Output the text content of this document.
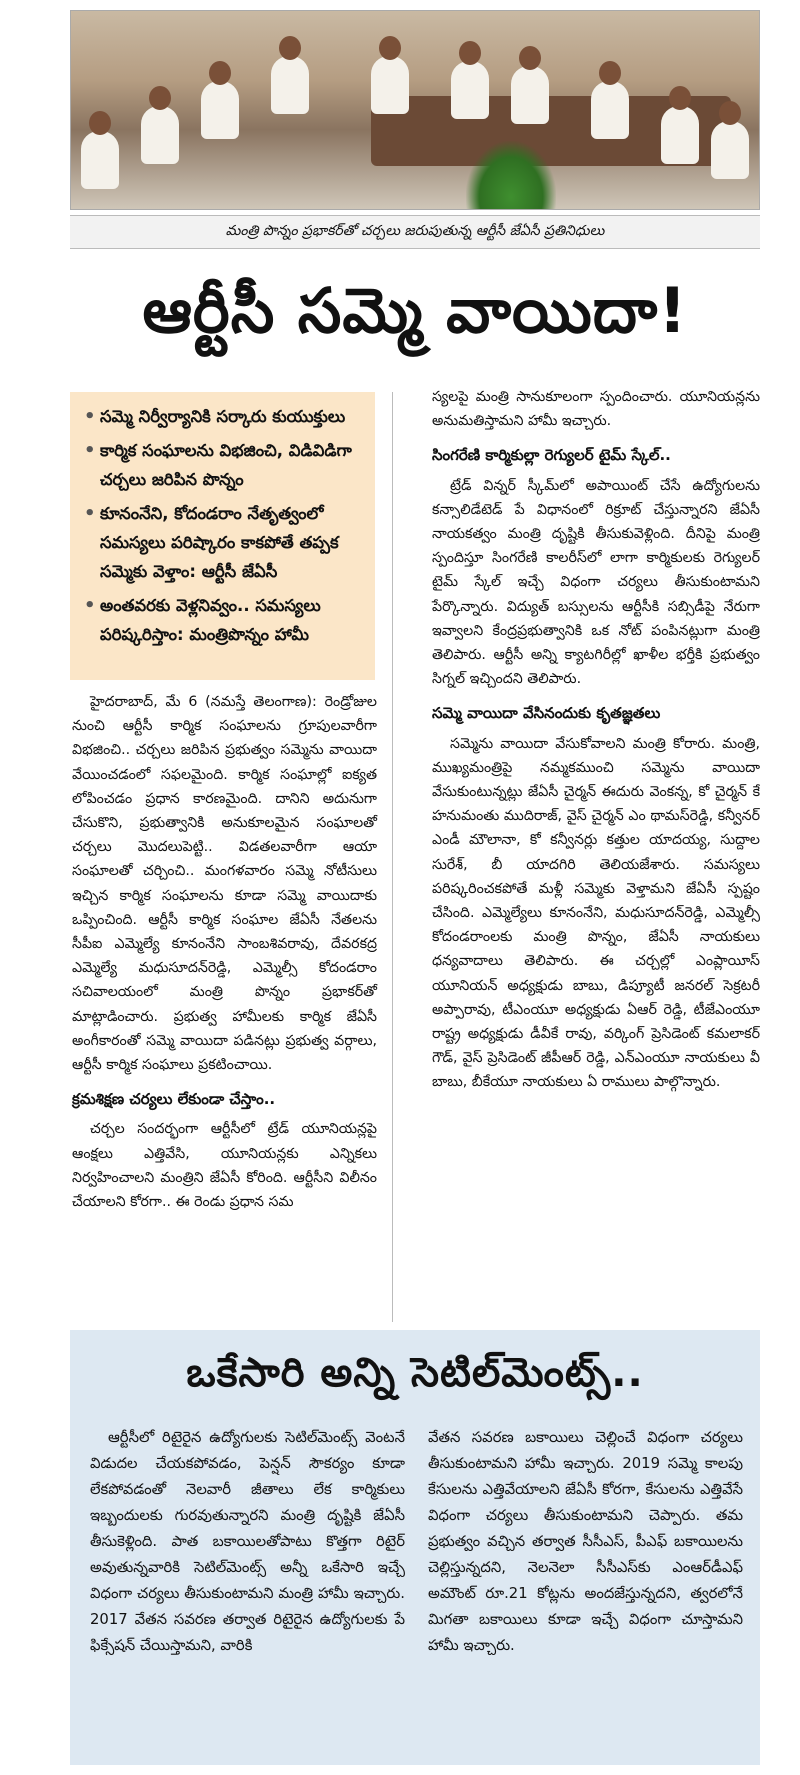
మంత్రి పొన్నం ప్రభాకర్‌తో చర్చలు జరుపుతున్న ఆర్టీసీ జేఏసీ ప్రతినిధులు
ఆర్టీసీ సమ్మె వాయిదా!
• సమ్మె నిర్వీర్యానికి సర్కారు కుయుక్తులు
• కార్మిక సంఘాలను విభజించి, విడివిడిగా చర్చలు జరిపిన పొన్నం
• కూనంనేని, కోదండరాం నేతృత్వంలో సమస్యలు పరిష్కారం కాకపోతే తప్పక సమ్మెకు వెళ్తాం: ఆర్టీసీ జేఏసీ
• అంతవరకు వెళ్లనివ్వం.. సమస్యలు పరిష్కరిస్తాం: మంత్రిపొన్నం హామీ

హైదరాబాద్, మే 6 (నమస్తే తెలంగాణ): రెండ్రోజుల నుంచి ఆర్టీసీ కార్మిక సంఘాలను గ్రూపులవారీగా విభజించి.. చర్చలు జరిపిన ప్రభుత్వం సమ్మెను వాయిదా వేయించడంలో సఫలమైంది. కార్మిక సంఘాల్లో ఐక్యత లోపించడం ప్రధాన కారణమైంది. దానిని అదునుగా చేసుకొని, ప్రభుత్వానికి అనుకూలమైన సంఘాలతో చర్చలు మొదలుపెట్టి.. విడతలవారీగా ఆయా సంఘాలతో చర్చించి.. మంగళవారం సమ్మె నోటీసులు ఇచ్చిన కార్మిక సంఘాలను కూడా సమ్మె వాయిదాకు ఒప్పించింది. ఆర్టీసీ కార్మిక సంఘాల జేఏసీ నేతలను సీపీఐ ఎమ్మెల్యే కూనంనేని సాంబశివరావు, దేవరకద్ర ఎమ్మెల్యే మధుసూదన్‌రెడ్డి, ఎమ్మెల్సీ కోదండరాం సచివాలయంలో మంత్రి పొన్నం ప్రభాకర్‌తో మాట్లాడించారు. ప్రభుత్వ హామీలకు కార్మిక జేఏసీ అంగీకారంతో సమ్మె వాయిదా పడినట్లు ప్రభుత్వ వర్గాలు, ఆర్టీసీ కార్మిక సంఘాలు ప్రకటించాయి.

క్రమశిక్షణ చర్యలు లేకుండా చేస్తాం..

చర్చల సందర్భంగా ఆర్టీసీలో ట్రేడ్ యూనియన్లపై ఆంక్షలు ఎత్తివేసి, యూనియన్లకు ఎన్నికలు నిర్వహించాలని మంత్రిని జేఏసీ కోరింది. ఆర్టీసీని విలీనం చేయాలని కోరగా.. ఈ రెండు ప్రధాన సమ

స్యలపై మంత్రి సానుకూలంగా స్పందించారు. యూనియన్లను అనుమతిస్తామని హామీ ఇచ్చారు.

సింగరేణి కార్మికుల్లా రెగ్యులర్ టైమ్ స్కేల్..

ట్రేడ్ విన్నర్ స్కీమ్‌లో అపాయింట్ చేసే ఉద్యోగులను కన్సాలిడేటెడ్ పే విధానంలో రిక్రూట్ చేస్తున్నారని జేఏసీ నాయకత్వం మంత్రి దృష్టికి తీసుకువెళ్లింది. దీనిపై మంత్రి స్పందిస్తూ సింగరేణి కాలరీస్‌లో లాగా కార్మికులకు రెగ్యులర్ టైమ్ స్కేల్ ఇచ్చే విధంగా చర్యలు తీసుకుంటామని పేర్కొన్నారు. విద్యుత్ బస్సులను ఆర్టీసీకి సబ్సిడీపై నేరుగా ఇవ్వాలని కేంద్రప్రభుత్వానికి ఒక నోట్ పంపినట్లుగా మంత్రి తెలిపారు. ఆర్టీసీ అన్ని క్యాటగిరీల్లో ఖాళీల భర్తీకి ప్రభుత్వం సిగ్నల్ ఇచ్చిందని తెలిపారు.

సమ్మె వాయిదా వేసినందుకు కృతజ్ఞతలు

సమ్మెను వాయిదా వేసుకోవాలని మంత్రి కోరారు. మంత్రి, ముఖ్యమంత్రిపై నమ్మకముంచి సమ్మెను వాయిదా వేసుకుంటున్నట్లు జేఏసీ చైర్మన్ ఈదురు వెంకన్న, కో చైర్మన్ కే హనుమంతు ముదిరాజ్, వైస్ చైర్మన్ ఎం థామస్‌రెడ్డి, కన్వీనర్ ఎండీ మౌలానా, కో కన్వీనర్లు కత్తుల యాదయ్య, సుద్దాల సురేశ్, బీ యాదగిరి తెలియజేశారు. సమస్యలు పరిష్కరించకపోతే మళ్లీ సమ్మెకు వెళ్తామని జేఏసీ స్పష్టం చేసింది. ఎమ్మెల్యేలు కూనంనేని, మధుసూదన్‌రెడ్డి, ఎమ్మెల్సీ కోదండరాంలకు మంత్రి పొన్నం, జేఏసీ నాయకులు ధన్యవాదాలు తెలిపారు. ఈ చర్చల్లో ఎంప్లాయీస్ యూనియన్ అధ్యక్షుడు బాబు, డిప్యూటీ జనరల్ సెక్రటరీ అప్పారావు, టీఎంయూ అధ్యక్షుడు ఏఆర్ రెడ్డి, టీజేఎంయూ రాష్ట్ర అధ్యక్షుడు డీవీకే రావు, వర్కింగ్ ప్రెసిడెంట్ కమలాకర్ గౌడ్, వైస్ ప్రెసిడెంట్ జీపీఆర్ రెడ్డి, ఎన్ఎంయూ నాయకులు వీ బాబు, బీకేయూ నాయకులు ఏ రాములు పాల్గొన్నారు.

ఒకేసారి అన్ని సెటిల్‌మెంట్స్..

ఆర్టీసీలో రిటైరైన ఉద్యోగులకు సెటిల్‌మెంట్స్ వెంటనే విడుదల చేయకపోవడం, పెన్షన్ సౌకర్యం కూడా లేకపోవడంతో నెలవారీ జీతాలు లేక కార్మికులు ఇబ్బందులకు గురవుతున్నారని మంత్రి దృష్టికి జేఏసీ తీసుకెళ్లింది. పాత బకాయిలతోపాటు కొత్తగా రిటైర్ అవుతున్నవారికి సెటిల్‌మెంట్స్ అన్నీ ఒకేసారి ఇచ్చే విధంగా చర్యలు తీసుకుంటామని మంత్రి హామీ ఇచ్చారు. 2017 వేతన సవరణ తర్వాత రిటైరైన ఉద్యోగులకు పే ఫిక్సేషన్ చేయిస్తామని, వారికి

వేతన సవరణ బకాయిలు చెల్లించే విధంగా చర్యలు తీసుకుంటామని హామీ ఇచ్చారు. 2019 సమ్మె కాలపు కేసులను ఎత్తివేయాలని జేఏసీ కోరగా, కేసులను ఎత్తివేసే విధంగా చర్యలు తీసుకుంటామని చెప్పారు. తమ ప్రభుత్వం వచ్చిన తర్వాత సీసీఎస్, పీఎఫ్ బకాయిలను చెల్లిస్తున్నదని, నెలనెలా సీసీఎస్‌కు ఎంఆర్‌డీఎఫ్ అమౌంట్ రూ.21 కోట్లను అందజేస్తున్నదని, త్వరలోనే మిగతా బకాయిలు కూడా ఇచ్చే విధంగా చూస్తామని హామీ ఇచ్చారు.
